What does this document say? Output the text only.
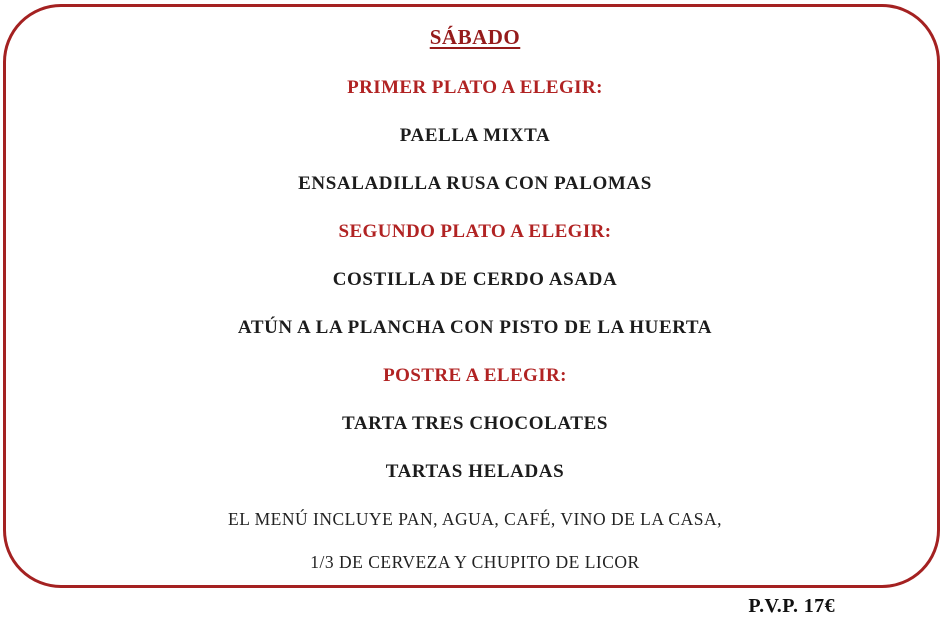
SÁBADO

PRIMER PLATO A ELEGIR:

PAELLA MIXTA

ENSALADILLA RUSA CON PALOMAS

SEGUNDO PLATO A ELEGIR:

COSTILLA DE CERDO ASADA

ATÚN A LA PLANCHA CON PISTO DE LA HUERTA

POSTRE A ELEGIR:

TARTA TRES CHOCOLATES

TARTAS HELADAS

EL MENÚ INCLUYE PAN, AGUA, CAFÉ, VINO DE LA CASA,

1/3 DE CERVEZA Y CHUPITO DE LICOR

P.V.P. 17€
